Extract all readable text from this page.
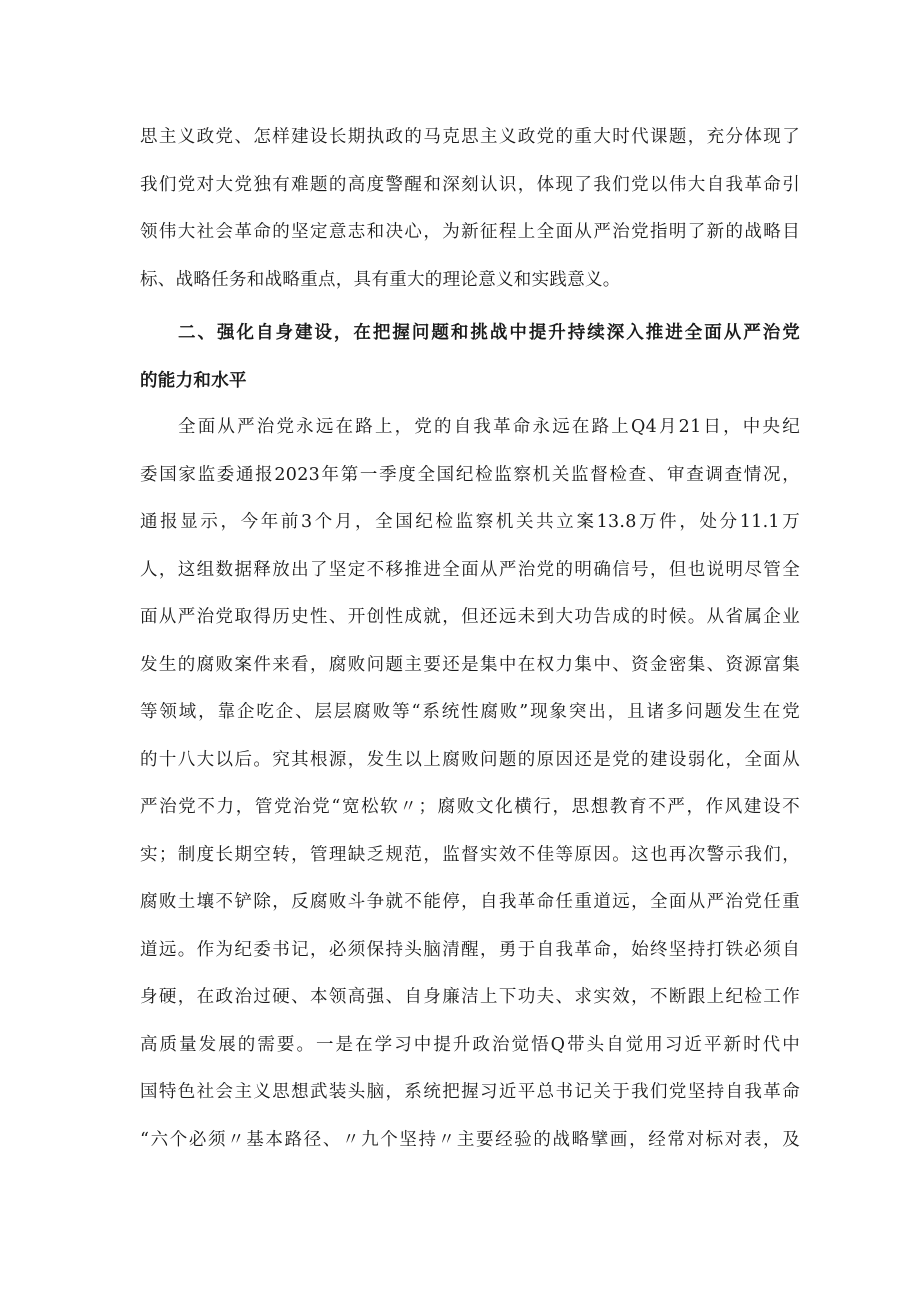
思主义政党、怎样建设长期执政的马克思主义政党的重大时代课题，充分体现了
我们党对大党独有难题的高度警醒和深刻认识，体现了我们党以伟大自我革命引
领伟大社会革命的坚定意志和决心，为新征程上全面从严治党指明了新的战略目
标、战略任务和战略重点，具有重大的理论意义和实践意义。
二、强化自身建设，在把握问题和挑战中提升持续深入推进全面从严治党
的能力和水平
全面从严治党永远在路上，党的自我革命永远在路上Q4月21日，中央纪
委国家监委通报2023年第一季度全国纪检监察机关监督检查、审查调查情况，
通报显示，今年前3个月，全国纪检监察机关共立案13.8万件，处分11.1万
人，这组数据释放出了坚定不移推进全面从严治党的明确信号，但也说明尽管全
面从严治党取得历史性、开创性成就，但还远未到大功告成的时候。从省属企业
发生的腐败案件来看，腐败问题主要还是集中在权力集中、资金密集、资源富集
等领域，靠企吃企、层层腐败等“系统性腐败”现象突出，且诸多问题发生在党
的十八大以后。究其根源，发生以上腐败问题的原因还是党的建设弱化，全面从
严治党不力，管党治党“宽松软〃；腐败文化横行，思想教育不严，作风建设不
实；制度长期空转，管理缺乏规范，监督实效不佳等原因。这也再次警示我们，
腐败土壤不铲除，反腐败斗争就不能停，自我革命任重道远，全面从严治党任重
道远。作为纪委书记，必须保持头脑清醒，勇于自我革命，始终坚持打铁必须自
身硬，在政治过硬、本领高强、自身廉洁上下功夫、求实效，不断跟上纪检工作
高质量发展的需要。一是在学习中提升政治觉悟Q带头自觉用习近平新时代中
国特色社会主义思想武装头脑，系统把握习近平总书记关于我们党坚持自我革命
“六个必须〃基本路径、〃九个坚持〃主要经验的战略擘画，经常对标对表，及
